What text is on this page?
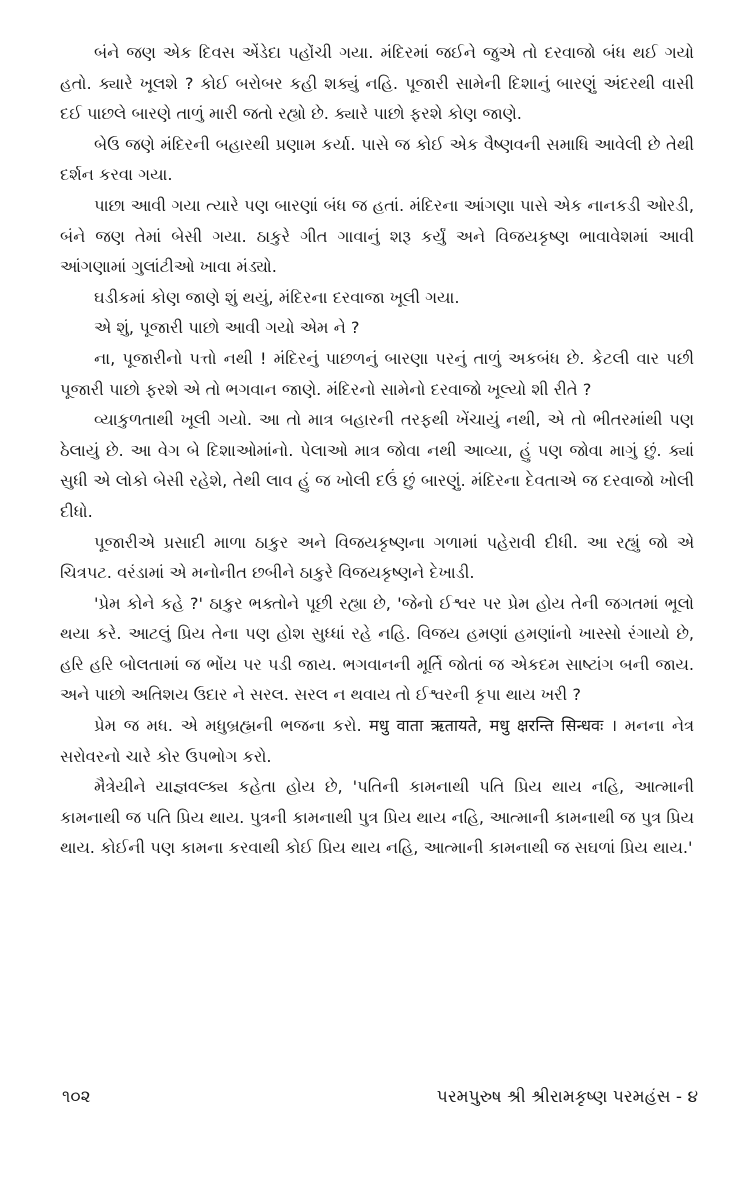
બંને જણ એક દિવસ એંડેદા પહોંચી ગયા. મંદિરમાં જઈને જુએ તો દરવાજો બંધ થઈ ગયો હતો. ક્યારે ખૂલશે ? કોઈ બરોબર કહી શક્યું નહિ. પૂજારી સામેની દિશાનું બારણું અંદરથી વાસી દઈ પાછલે બારણે તાળું મારી જતો રહ્યો છે. ક્યારે પાછો ફરશે કોણ જાણે.

બેઉ જણે મંદિરની બહારથી પ્રણામ કર્યા. પાસે જ કોઈ એક વૈષ્ણવની સમાધિ આવેલી છે તેથી દર્શન કરવા ગયા.

પાછા આવી ગયા ત્યારે પણ બારણાં બંધ જ હતાં. મંદિરના આંગણા પાસે એક નાનકડી ઓરડી, બંને જણ તેમાં બેસી ગયા. ઠાકુરે ગીત ગાવાનું શરૂ કર્યું અને વિજયકૃષ્ણ ભાવાવેશમાં આવી આંગણામાં ગુલાંટીઓ ખાવા મંડ્યો.

ઘડીકમાં કોણ જાણે શું થયું, મંદિરના દરવાજા ખૂલી ગયા.

એ શું, પૂજારી પાછો આવી ગયો એમ ને ?

ના, પૂજારીનો પત્તો નથી ! મંદિરનું પાછળનું બારણા પરનું તાળું અકબંધ છે. કેટલી વાર પછી પૂજારી પાછો ફરશે એ તો ભગવાન જાણે. મંદિરનો સામેનો દરવાજો ખૂલ્યો શી રીતે ?

વ્યાકુળતાથી ખૂલી ગયો. આ તો માત્ર બહારની તરફથી ખેંચાયું નથી, એ તો ભીતરમાંથી પણ ઠેલાયું છે. આ વેગ બે દિશાઓમાંનો. પેલાઓ માત્ર જોવા નથી આવ્યા, હું પણ જોવા માગું છું. ક્યાં સુધી એ લોકો બેસી રહેશે, તેથી લાવ હું જ ખોલી દઉં છું બારણું. મંદિરના દેવતાએ જ દરવાજો ખોલી દીધો.

પૂજારીએ પ્રસાદી માળા ઠાકુર અને વિજયકૃષ્ણના ગળામાં પહેરાવી દીધી. આ રહ્યું જો એ ચિત્રપટ. વરંડામાં એ મનોનીત છબીને ઠાકુરે વિજયકૃષ્ણને દેખાડી.

'પ્રેમ કોને કહે ?' ઠાકુર ભક્તોને પૂછી રહ્યા છે, 'જેનો ઈશ્વર પર પ્રેમ હોય તેની જગતમાં ભૂલો થયા કરે. આટલું પ્રિય તેના પણ હોશ સુધ્ધાં રહે નહિ. વિજય હમણાં હમણાંનો ખાસ્સો રંગાયો છે, હરિ હરિ બોલતામાં જ ભોંય પર પડી જાય. ભગવાનની મૂર્તિ જોતાં જ એકદમ સાષ્ટાંગ બની જાય. અને પાછો અતિશય ઉદાર ને સરલ. સરલ ન થવાય તો ઈશ્વરની કૃપા થાય ખરી ?

પ્રેમ જ મધ. એ મધુબ્રહ્મની ભજના કરો. मधु वाता ऋतायते, मधु क्षरन्ति सिन्धवः । મનના નેત્ર સરોવરનો ચારે કોર ઉપભોગ કરો.

મૈત્રેયીને યાજ્ઞવલ્ક્ય કહેતા હોય છે, 'પતિની કામનાથી પતિ પ્રિય થાય નહિ, આત્માની કામનાથી જ પતિ પ્રિય થાય. પુત્રની કામનાથી પુત્ર પ્રિય થાય નહિ, આત્માની કામનાથી જ પુત્ર પ્રિય થાય. કોઈની પણ કામના કરવાથી કોઈ પ્રિય થાય નહિ, આત્માની કામનાથી જ સઘળાં પ્રિય થાય.'

૧૦૨	પરમપુરુષ શ્રી શ્રીરામકૃષ્ણ પરમહંસ - ૪
